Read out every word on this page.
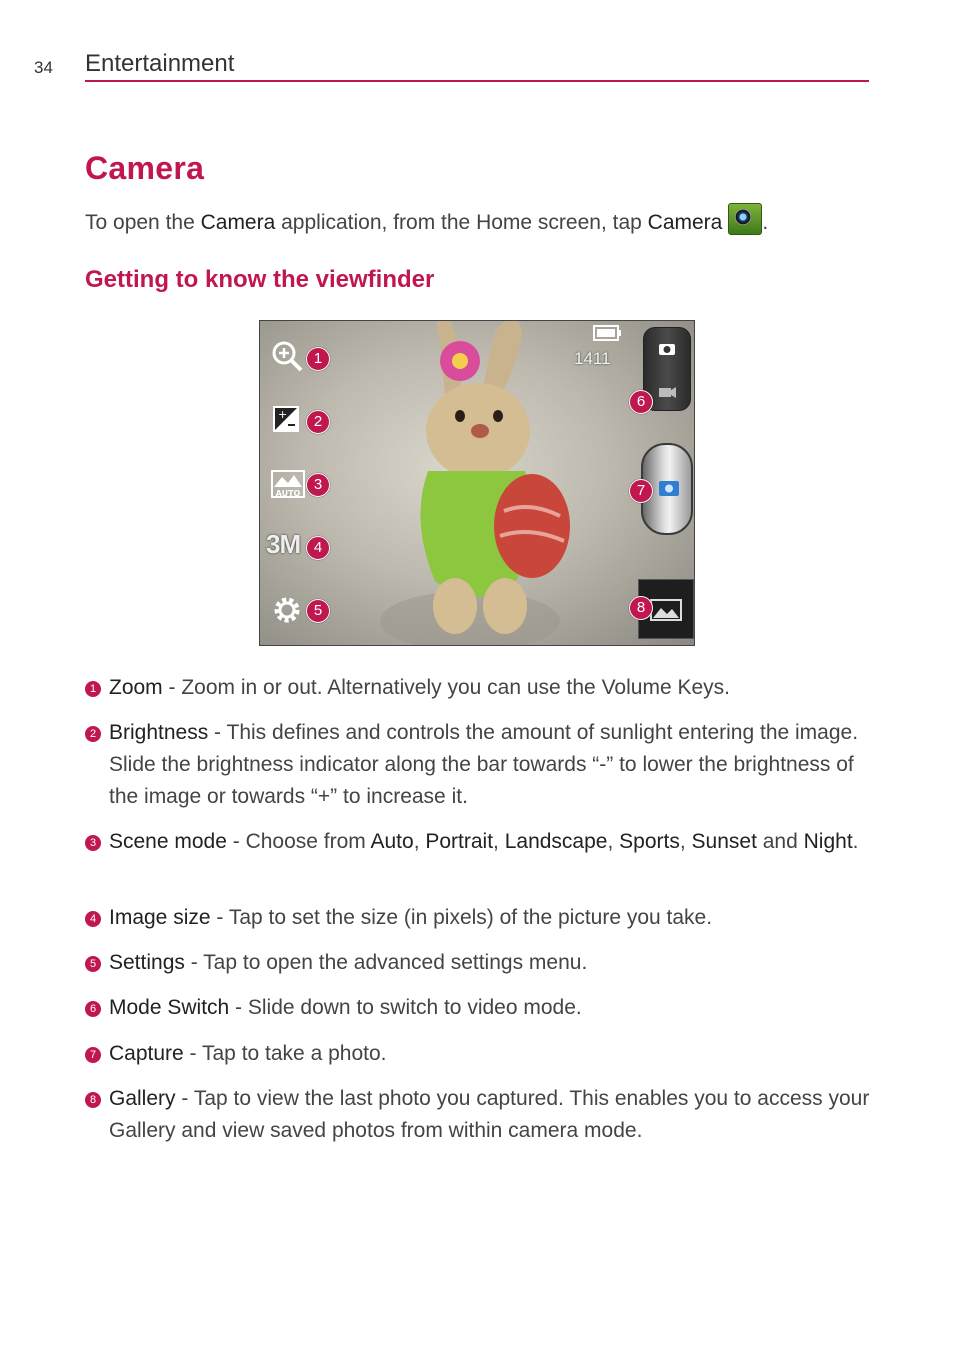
34 Entertainment
Camera
To open the Camera application, from the Home screen, tap Camera .
Getting to know the viewfinder
1411
+
AUTO
3M
1
2
3
4
5
6
7
8
1 Zoom - Zoom in or out. Alternatively you can use the Volume Keys.
2 Brightness - This defines and controls the amount of sunlight entering the image. Slide the brightness indicator along the bar towards “-” to lower the brightness of the image or towards “+” to increase it.
3 Scene mode - Choose from Auto, Portrait, Landscape, Sports, Sunset and Night.
4 Image size - Tap to set the size (in pixels) of the picture you take.
5 Settings - Tap to open the advanced settings menu.
6 Mode Switch - Slide down to switch to video mode.
7 Capture - Tap to take a photo.
8 Gallery - Tap to view the last photo you captured. This enables you to access your Gallery and view saved photos from within camera mode.
